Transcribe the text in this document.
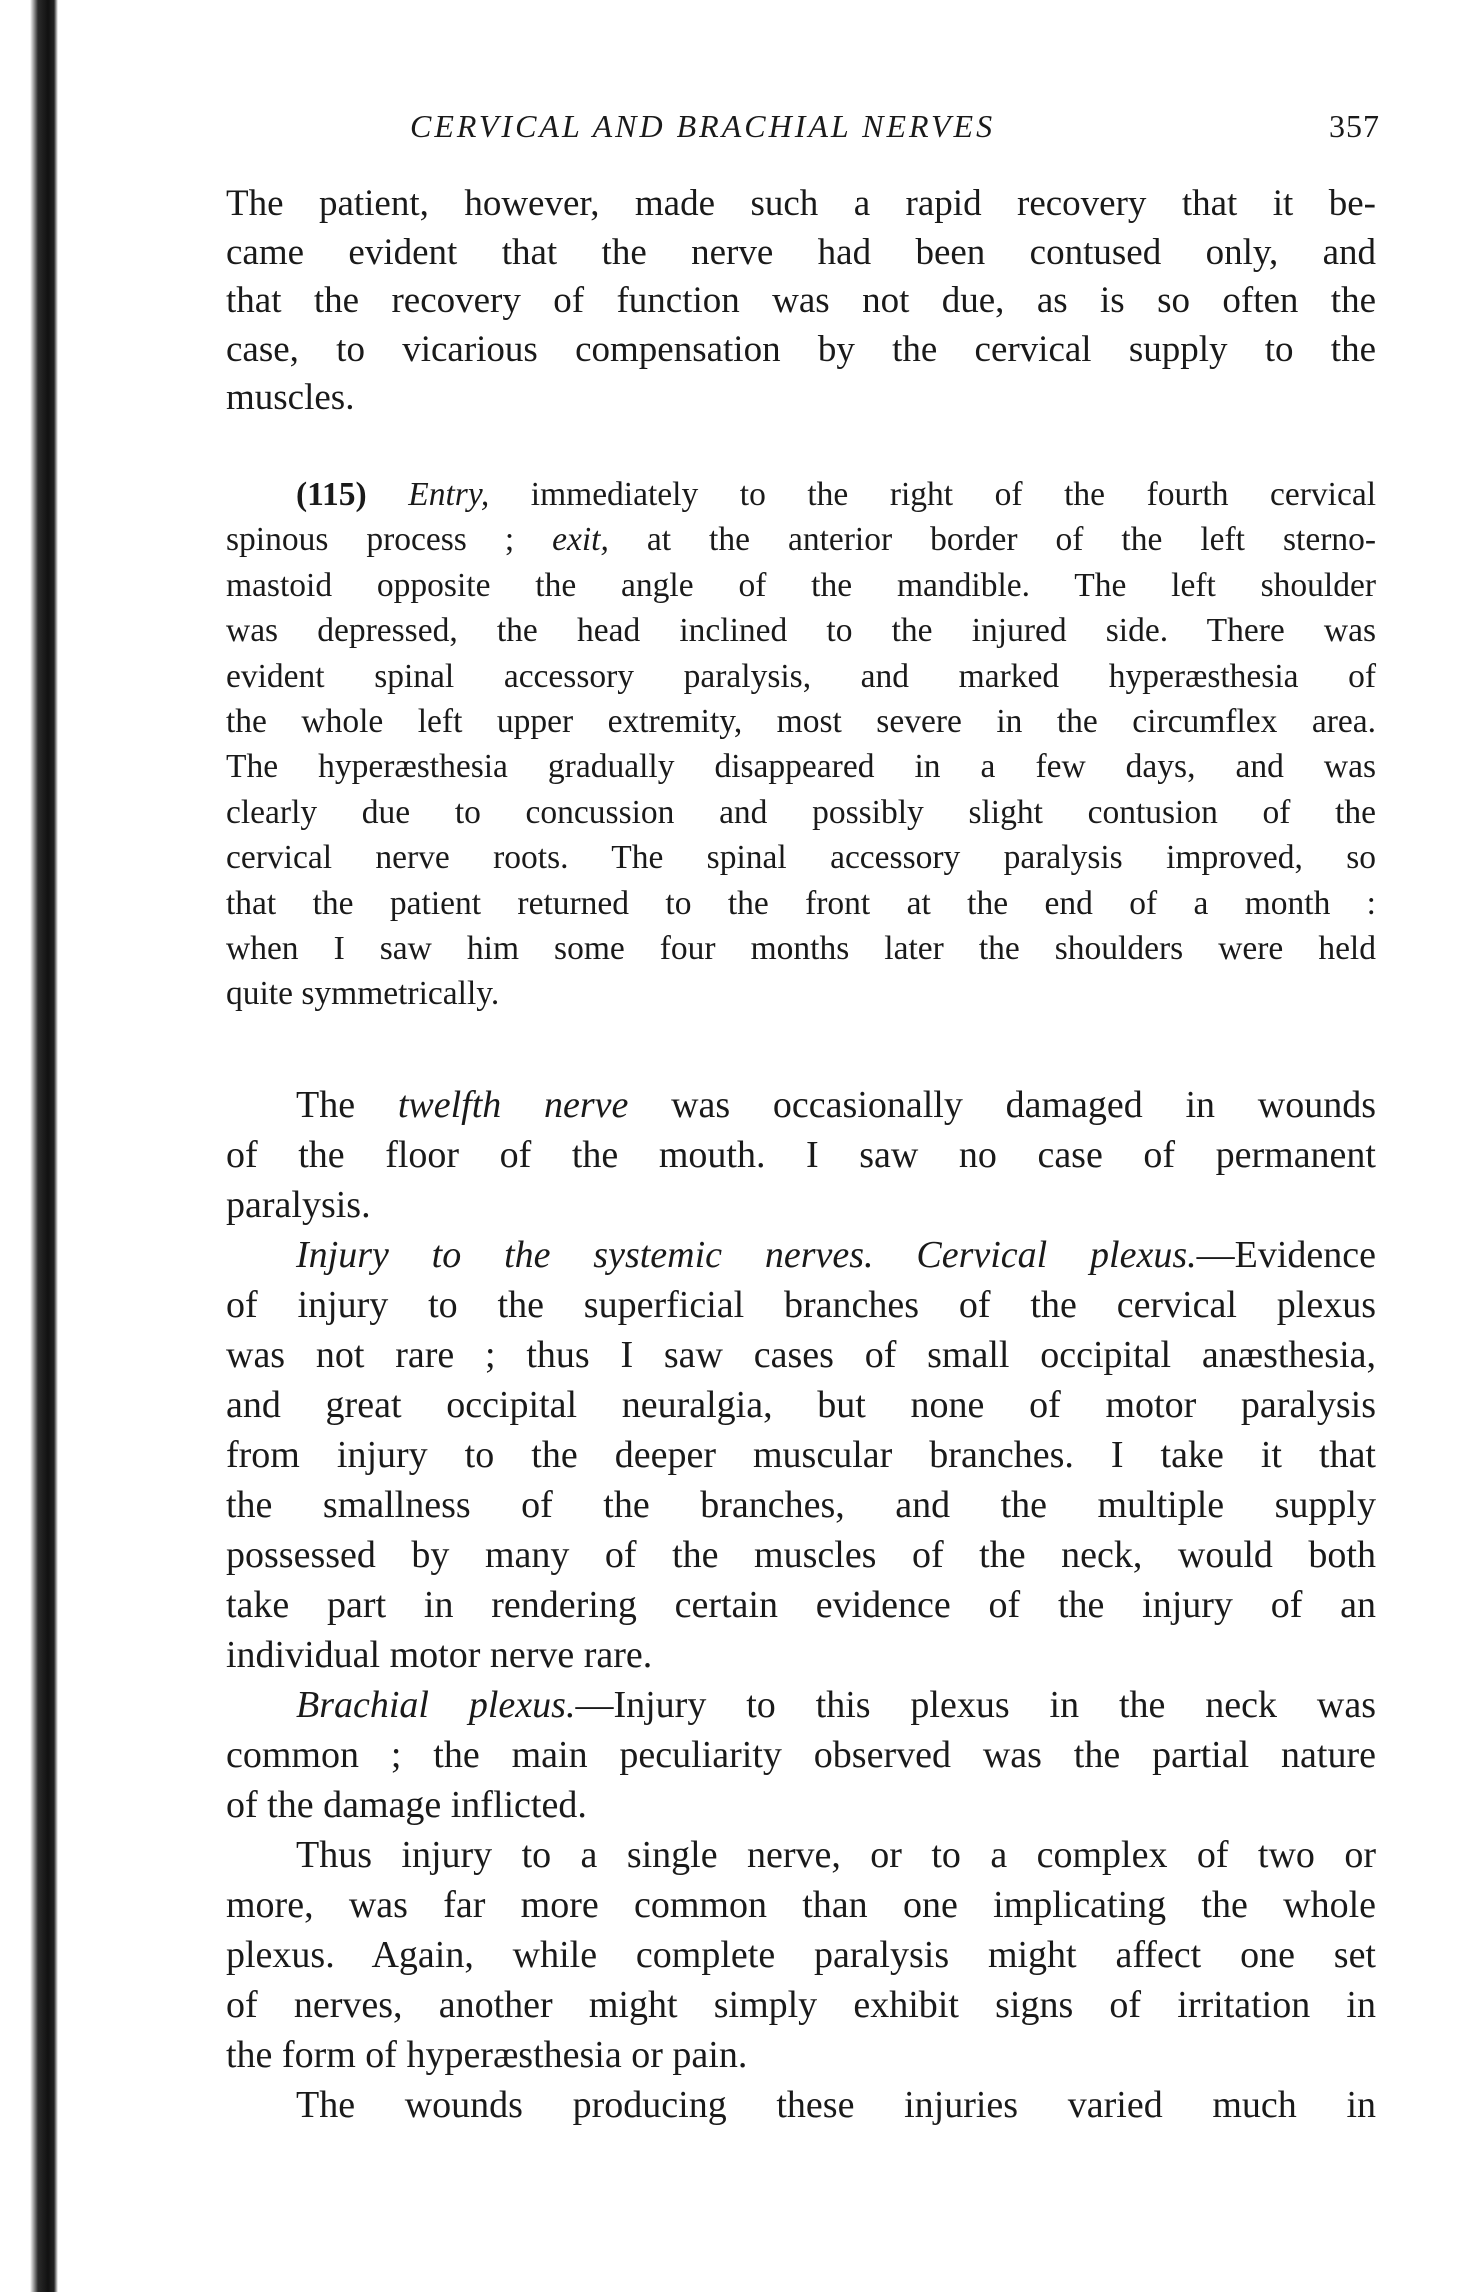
CERVICAL AND BRACHIAL NERVES	357

The patient, however, made such a rapid recovery that it be-
came evident that the nerve had been contused only, and
that the recovery of function was not due, as is so often the
case, to vicarious compensation by the cervical supply to the
muscles.

(115) Entry, immediately to the right of the fourth cervical
spinous process ; exit, at the anterior border of the left sterno-
mastoid opposite the angle of the mandible. The left shoulder
was depressed, the head inclined to the injured side. There was
evident spinal accessory paralysis, and marked hyperæsthesia of
the whole left upper extremity, most severe in the circumflex area.
The hyperæsthesia gradually disappeared in a few days, and was
clearly due to concussion and possibly slight contusion of the
cervical nerve roots. The spinal accessory paralysis improved, so
that the patient returned to the front at the end of a month :
when I saw him some four months later the shoulders were held
quite symmetrically.

The twelfth nerve was occasionally damaged in wounds
of the floor of the mouth. I saw no case of permanent
paralysis.

Injury to the systemic nerves. Cervical plexus.—Evidence
of injury to the superficial branches of the cervical plexus
was not rare ; thus I saw cases of small occipital anæsthesia,
and great occipital neuralgia, but none of motor paralysis
from injury to the deeper muscular branches. I take it that
the smallness of the branches, and the multiple supply
possessed by many of the muscles of the neck, would both
take part in rendering certain evidence of the injury of an
individual motor nerve rare.

Brachial plexus.—Injury to this plexus in the neck was
common ; the main peculiarity observed was the partial nature
of the damage inflicted.

Thus injury to a single nerve, or to a complex of two or
more, was far more common than one implicating the whole
plexus. Again, while complete paralysis might affect one set
of nerves, another might simply exhibit signs of irritation in
the form of hyperæsthesia or pain.

The wounds producing these injuries varied much in
